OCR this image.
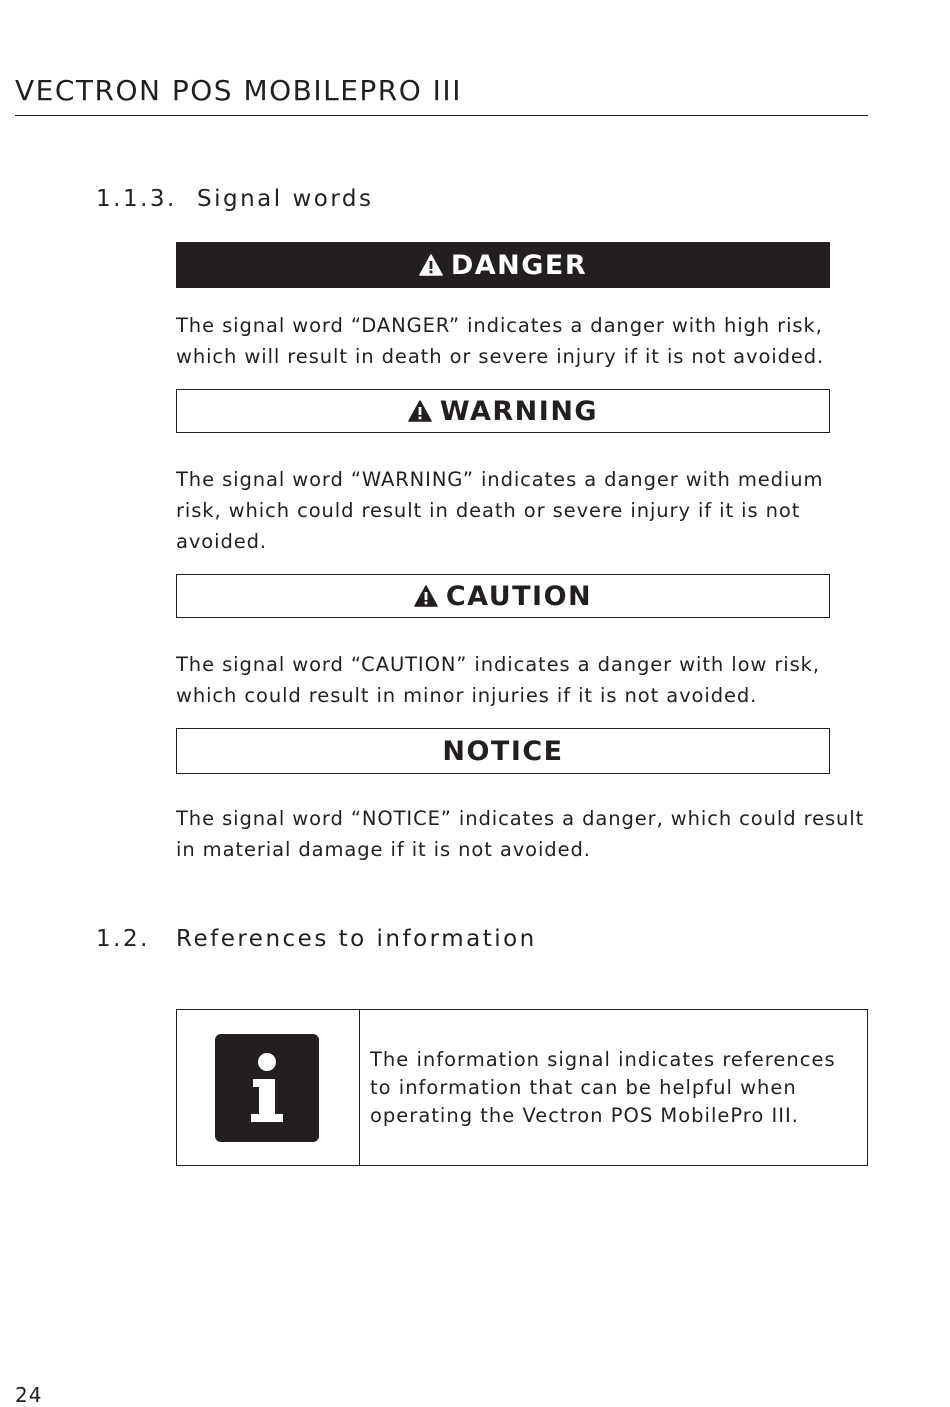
VECTRON POS MOBILEPRO III
1.1.3. Signal words
DANGER
The signal word “DANGER” indicates a danger with high risk, which will result in death or severe injury if it is not avoided.
WARNING
The signal word “WARNING” indicates a danger with medium risk, which could result in death or severe injury if it is not avoided.
CAUTION
The signal word “CAUTION” indicates a danger with low risk, which could result in minor injuries if it is not avoided.
NOTICE
The signal word “NOTICE” indicates a danger, which could result in material damage if it is not avoided.
1.2. References to information
The information signal indicates references to information that can be helpful when operating the Vectron POS MobilePro III.
24
